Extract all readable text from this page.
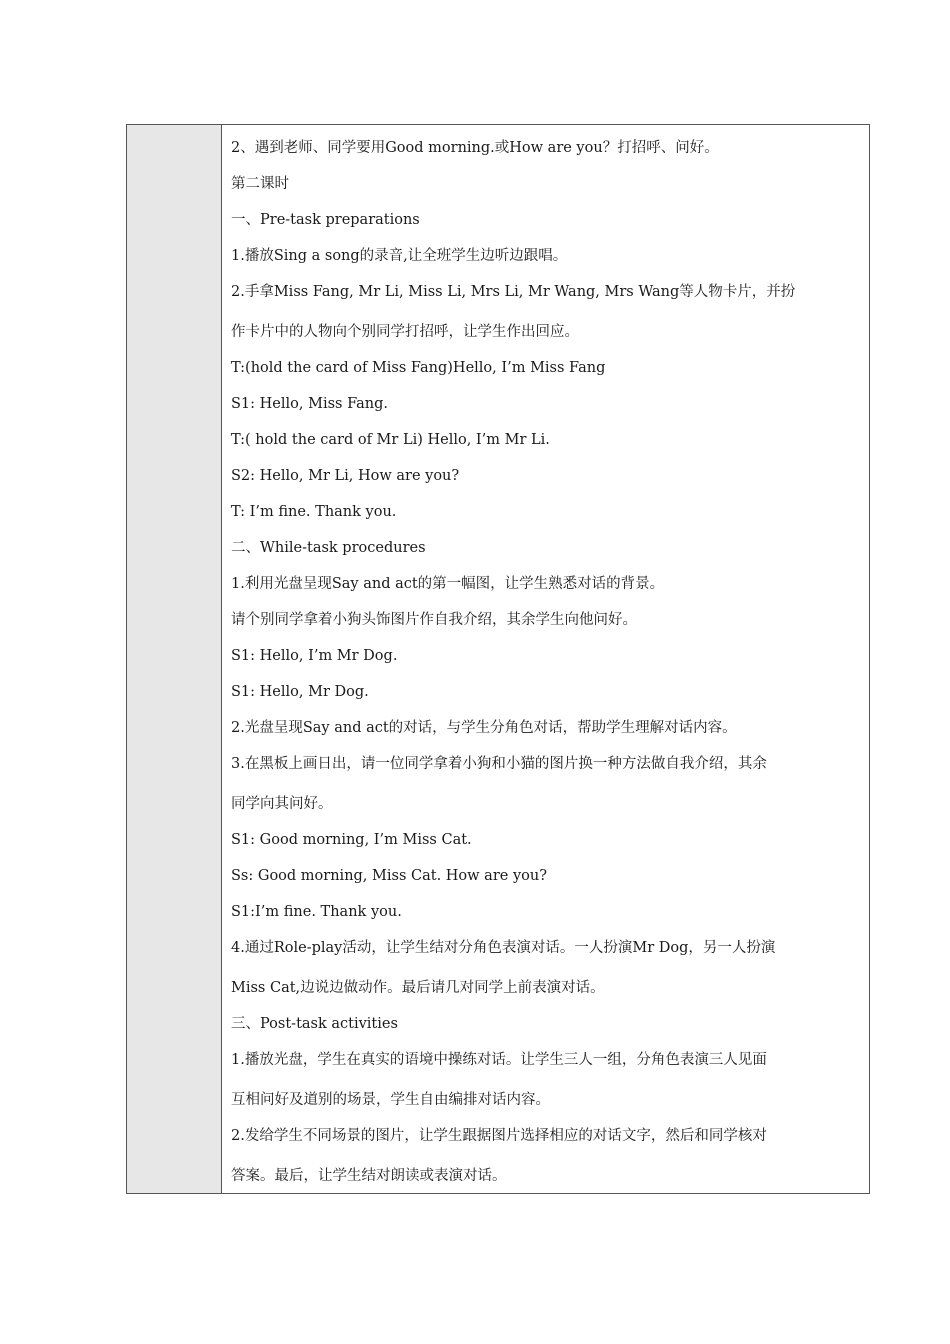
2、遇到老师、同学要用Good morning.或How are you？打招呼、问好。
第二课时
一、Pre-task preparations
1.播放Sing a song的录音,让全班学生边听边跟唱。
2.手拿Miss Fang, Mr Li, Miss Li, Mrs Li, Mr Wang, Mrs Wang等人物卡片，并扮
作卡片中的人物向个别同学打招呼，让学生作出回应。
T:(hold the card of Miss Fang)Hello, I’m Miss Fang
S1: Hello, Miss Fang.
T:( hold the card of Mr Li) Hello, I’m Mr Li.
S2: Hello, Mr Li, How are you?
T: I’m fine. Thank you.
二、While-task procedures
1.利用光盘呈现Say and act的第一幅图，让学生熟悉对话的背景。
请个别同学拿着小狗头饰图片作自我介绍，其余学生向他问好。
S1: Hello, I’m Mr Dog.
S1: Hello, Mr Dog.
2.光盘呈现Say and act的对话，与学生分角色对话，帮助学生理解对话内容。
3.在黑板上画日出，请一位同学拿着小狗和小猫的图片换一种方法做自我介绍，其余
同学向其问好。
S1: Good morning, I’m Miss Cat.
Ss: Good morning, Miss Cat. How are you?
S1:I’m fine. Thank you.
4.通过Role-play活动，让学生结对分角色表演对话。一人扮演Mr Dog，另一人扮演
Miss Cat,边说边做动作。最后请几对同学上前表演对话。
三、Post-task activities
1.播放光盘，学生在真实的语境中操练对话。让学生三人一组，分角色表演三人见面
互相问好及道别的场景，学生自由编排对话内容。
2.发给学生不同场景的图片，让学生跟据图片选择相应的对话文字，然后和同学核对
答案。最后，让学生结对朗读或表演对话。
